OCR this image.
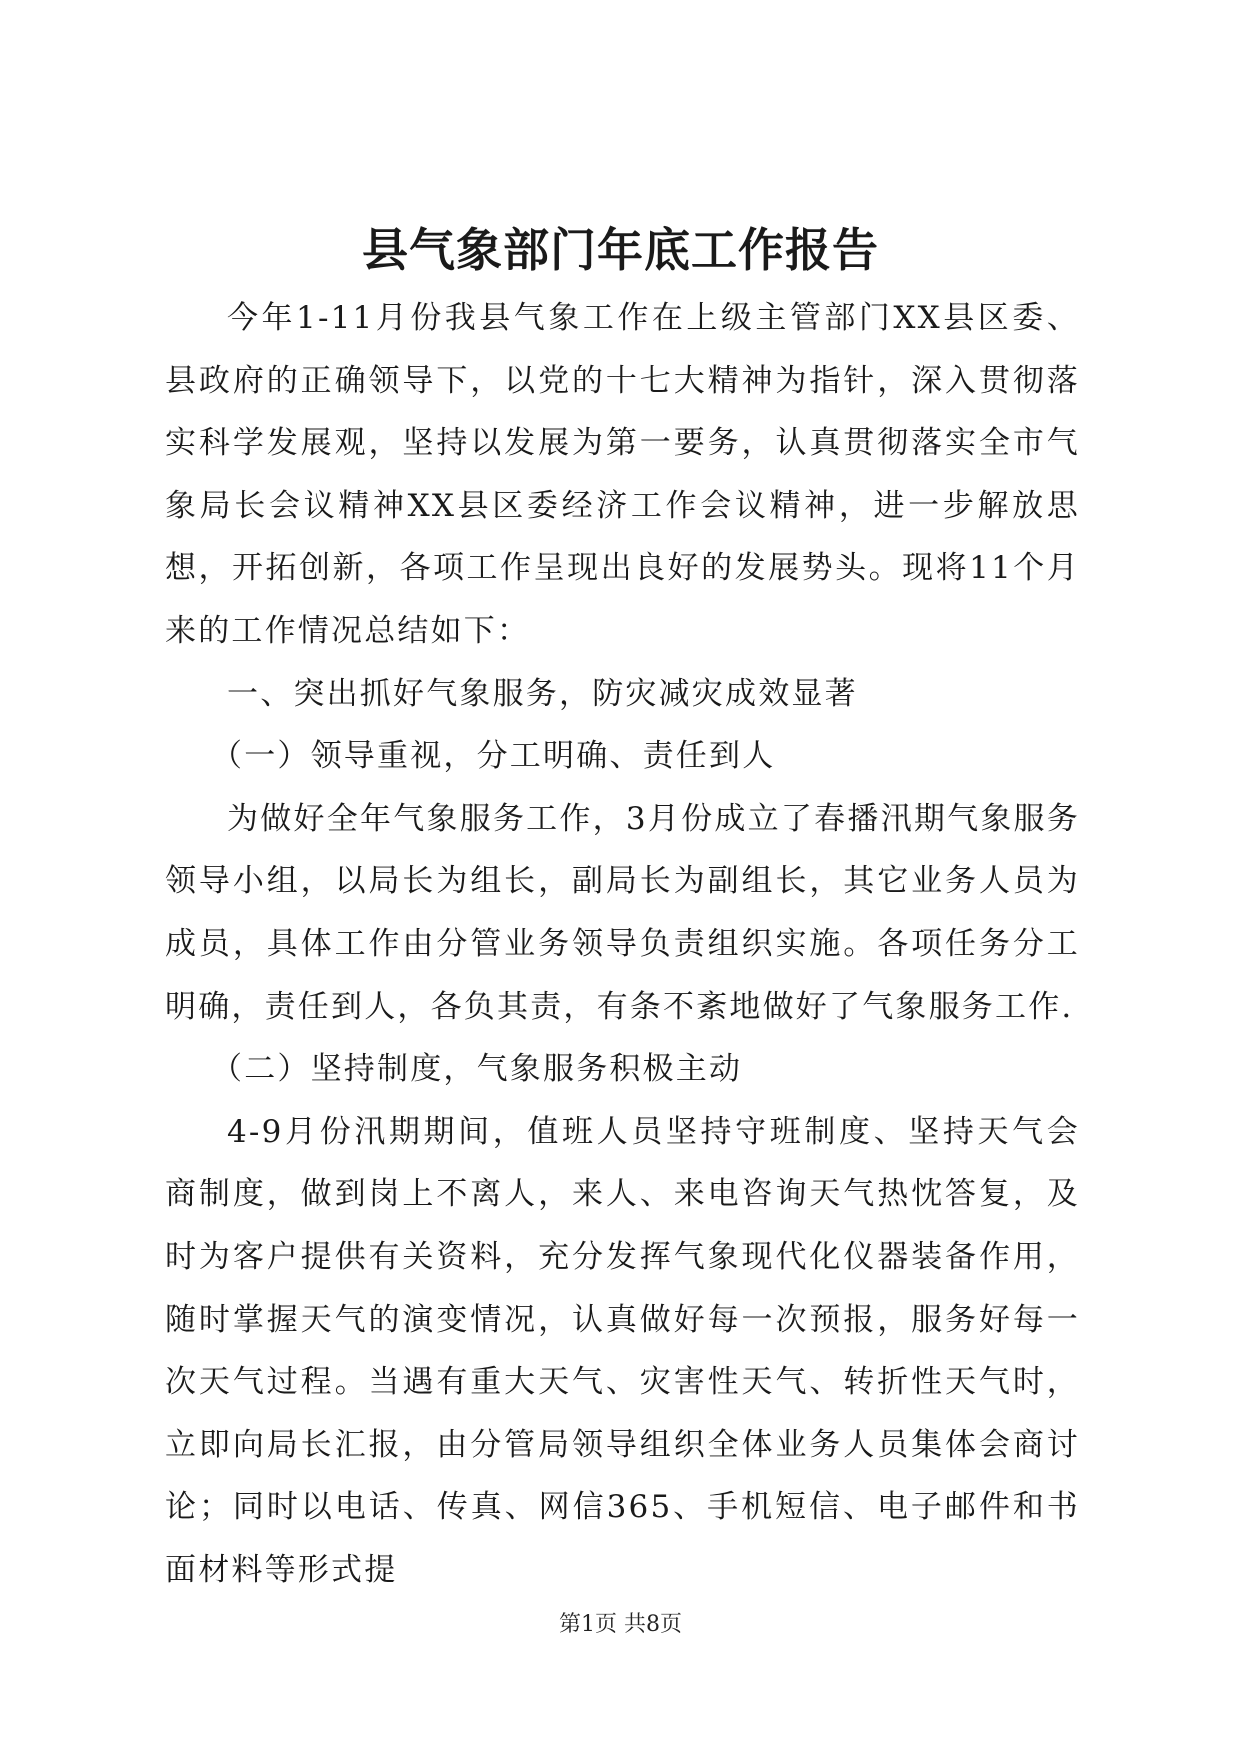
县气象部门年底工作报告

今年1-11月份我县气象工作在上级主管部门XX县区委、县政府的正确领导下，以党的十七大精神为指针，深入贯彻落实科学发展观，坚持以发展为第一要务，认真贯彻落实全市气象局长会议精神XX县区委经济工作会议精神，进一步解放思想，开拓创新，各项工作呈现出良好的发展势头。现将11个月来的工作情况总结如下：

一、突出抓好气象服务，防灾减灾成效显著

（一）领导重视，分工明确、责任到人

为做好全年气象服务工作，3月份成立了春播汛期气象服务领导小组，以局长为组长，副局长为副组长，其它业务人员为成员，具体工作由分管业务领导负责组织实施。各项任务分工明确，责任到人，各负其责，有条不紊地做好了气象服务工作.

（二）坚持制度，气象服务积极主动

4-9月份汛期期间，值班人员坚持守班制度、坚持天气会商制度，做到岗上不离人，来人、来电咨询天气热忱答复，及时为客户提供有关资料，充分发挥气象现代化仪器装备作用，随时掌握天气的演变情况，认真做好每一次预报，服务好每一次天气过程。当遇有重大天气、灾害性天气、转折性天气时，立即向局长汇报，由分管局领导组织全体业务人员集体会商讨论；同时以电话、传真、网信365、手机短信、电子邮件和书面材料等形式提

第1页 共8页
